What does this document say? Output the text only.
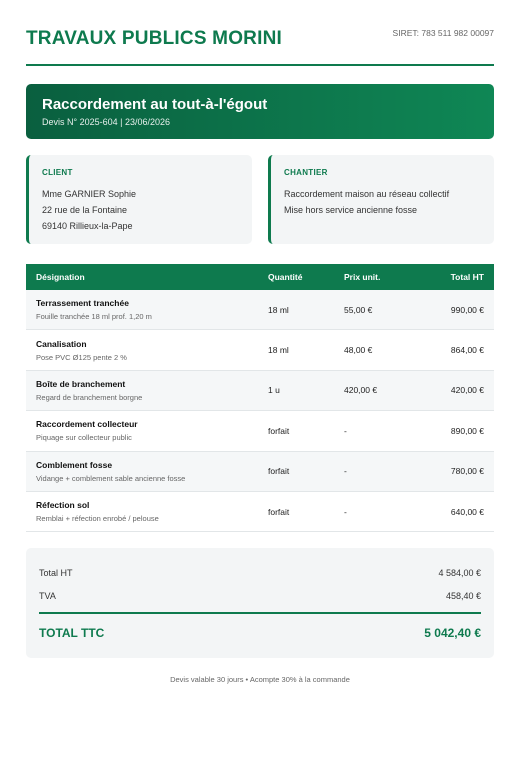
TRAVAUX PUBLICS MORINI	SIRET: 783 511 982 00097
Raccordement au tout-à-l'égout
Devis N° 2025-604 | 23/06/2026
CLIENT
Mme GARNIER Sophie
22 rue de la Fontaine
69140 Rillieux-la-Pape
CHANTIER
Raccordement maison au réseau collectif
Mise hors service ancienne fosse
Désignation	Quantité	Prix unit.	Total HT
Terrassement tranchée
Fouille tranchée 18 ml prof. 1,20 m
18 ml	55,00 €	990,00 €
Canalisation
Pose PVC Ø125 pente 2 %
18 ml	48,00 €	864,00 €
Boîte de branchement
Regard de branchement borgne
1 u	420,00 €	420,00 €
Raccordement collecteur
Piquage sur collecteur public
forfait	-	890,00 €
Comblement fosse
Vidange + comblement sable ancienne fosse
forfait	-	780,00 €
Réfection sol
Remblai + réfection enrobé / pelouse
forfait	-	640,00 €
Total HT	4 584,00 €
TVA	458,40 €
TOTAL TTC	5 042,40 €
Devis valable 30 jours • Acompte 30% à la commande
